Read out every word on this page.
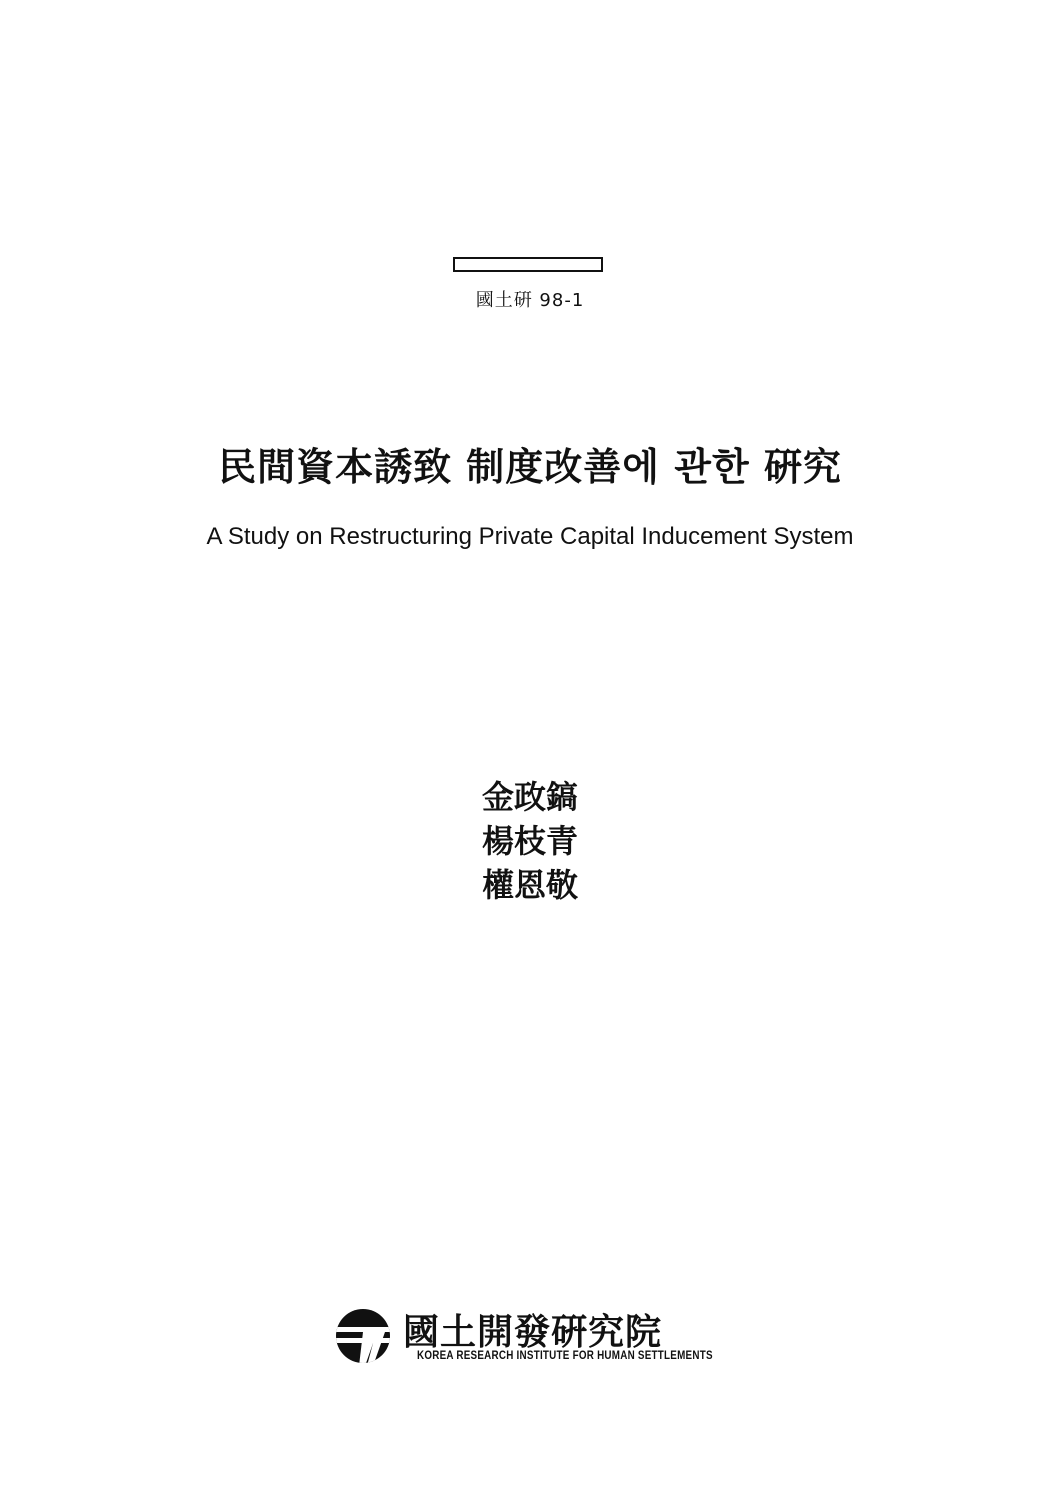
國土硏 98-1
民間資本誘致 制度改善에 관한 硏究
A Study on Restructuring Private Capital Inducement System
金政鎬
楊枝青
權恩敬
國土開發硏究院
KOREA RESEARCH INSTITUTE FOR HUMAN SETTLEMENTS
